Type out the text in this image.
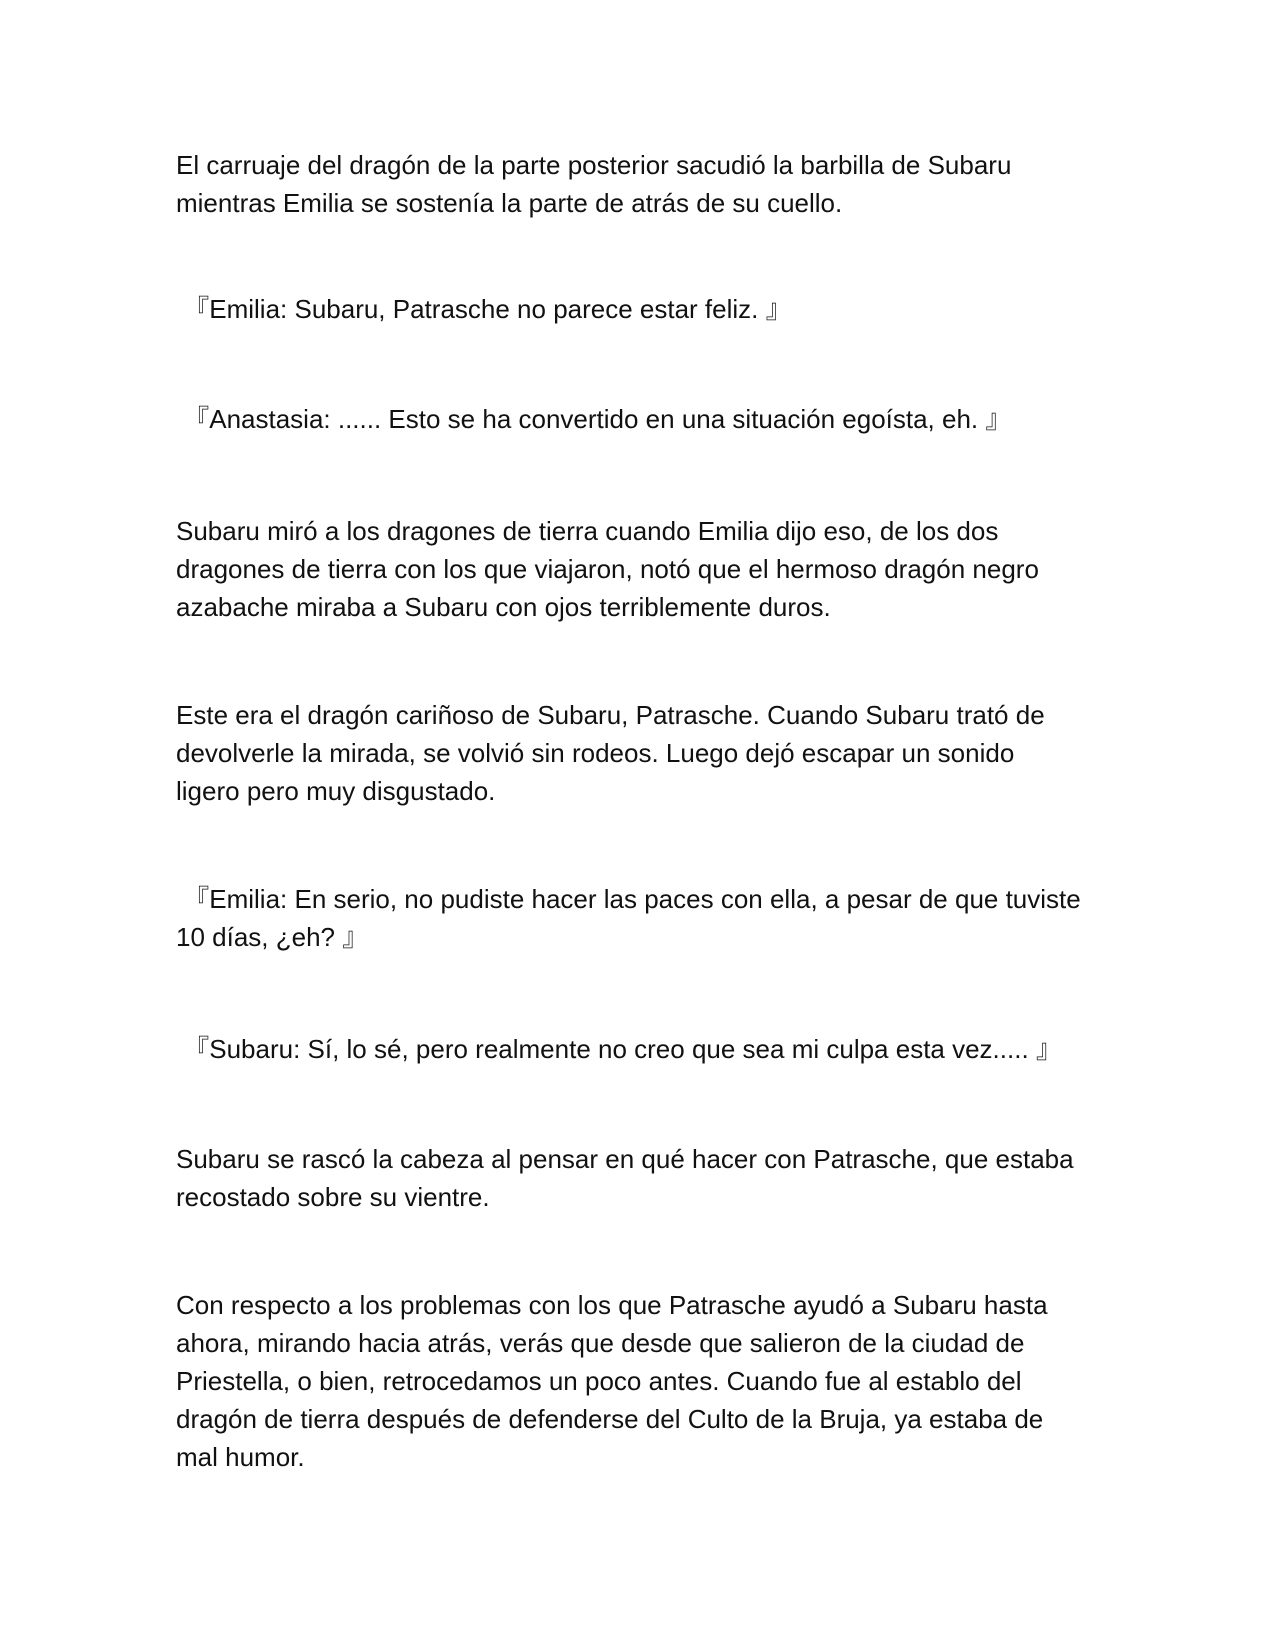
El carruaje del dragón de la parte posterior sacudió la barbilla de Subaru
mientras Emilia se sostenía la parte de atrás de su cuello.

『Emilia: Subaru, Patrasche no parece estar feliz. 』

『Anastasia: ...... Esto se ha convertido en una situación egoísta, eh. 』

Subaru miró a los dragones de tierra cuando Emilia dijo eso, de los dos
dragones de tierra con los que viajaron, notó que el hermoso dragón negro
azabache miraba a Subaru con ojos terriblemente duros.

Este era el dragón cariñoso de Subaru, Patrasche. Cuando Subaru trató de
devolverle la mirada, se volvió sin rodeos. Luego dejó escapar un sonido
ligero pero muy disgustado.

『Emilia: En serio, no pudiste hacer las paces con ella, a pesar de que tuviste
10 días, ¿eh? 』

『Subaru: Sí, lo sé, pero realmente no creo que sea mi culpa esta vez..... 』

Subaru se rascó la cabeza al pensar en qué hacer con Patrasche, que estaba
recostado sobre su vientre.

Con respecto a los problemas con los que Patrasche ayudó a Subaru hasta
ahora, mirando hacia atrás, verás que desde que salieron de la ciudad de
Priestella, o bien, retrocedamos un poco antes. Cuando fue al establo del
dragón de tierra después de defenderse del Culto de la Bruja, ya estaba de
mal humor.
